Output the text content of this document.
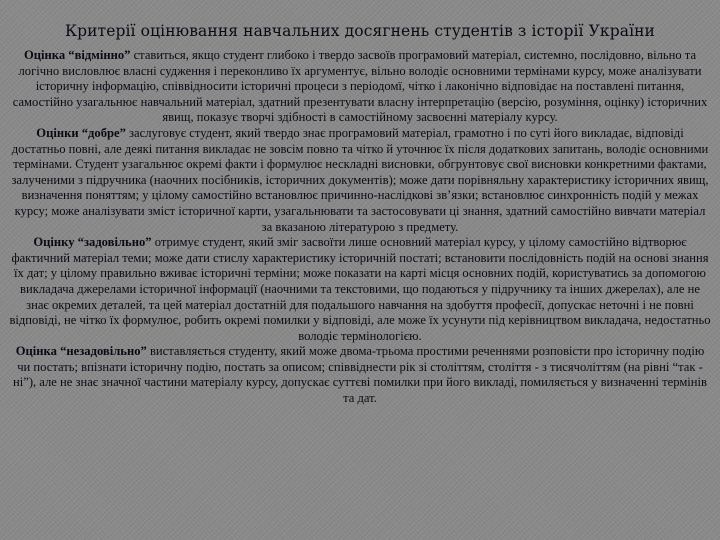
Критерії оцінювання навчальних досягнень студентів з історії України

Оцінка “відмінно” ставиться, якщо студент глибоко і твердо засвоїв програмовий матеріал, системно, послідовно, вільно та логічно висловлює власні судження і переконливо їх аргументує, вільно володіє основними термінами курсу, може аналізувати історичну інформацію, співвідносити історичні процеси з періодомї, чітко і лаконічно відповідає на поставлені питання, самостійно узагальнює навчальний матеріал, здатний презентувати власну інтерпретацію (версію, розуміння, оцінку) історичних явищ, показує творчі здібності в самостійному засвоєнні матеріалу курсу.

Оцінки “добре” заслуговує студент, який твердо знає програмовий матеріал, грамотно і по суті його викладає, відповіді достатньо повні, але деякі питання викладає не зовсім повно та чітко й уточнює їх після додаткових запитань, володіє основними термінами. Студент узагальнює окремі факти і формулює нескладні висновки, обгрунтовує свої висновки конкретними фактами, залученими з підручника (наочних посібників, історичних документів); може дати порівняльну характеристику історичних явищ, визначення поняттям; у цілому самостійно встановлює причинно-наслідкові зв’язки; встановлює синхронність подій у межах курсу; може аналізувати зміст історичної карти, узагальнювати та застосовувати ці знання, здатний самостійно вивчати матеріал за вказаною літературою з предмету.

Оцінку “задовільно” отримує студент, який зміг засвоїти лише основний матеріал курсу, у цілому самостійно відтворює фактичний матеріал теми; може дати стислу характеристику історичній постаті; встановити послідовність подій на основі знання їх дат; у цілому правильно вживає історичні терміни; може показати на карті місця основних подій, користуватись за допомогою викладача джерелами історичної інформації (наочними та текстовими, що подаються у підручнику та інших джерелах), але не знає окремих деталей, та цей матеріал достатній для подальшого навчання на здобуття професії, допускає неточні і не повні відповіді, не чітко їх формулює, робить окремі помилки у відповіді, але може їх усунути під керівництвом викладача, недостатньо володіє термінологією.

Оцінка “незадовільно” виставляється студенту, який може двома-трьома простими реченнями розповісти про історичну подію чи постать; впізнати історичну подію, постать за описом; співвіднести рік зі століттям, століття - з тисячоліттям (на рівні “так - ні”), але не знає значної частини матеріалу курсу, допускає суттєві помилки при його викладі, помиляється у визначенні термінів та дат.
